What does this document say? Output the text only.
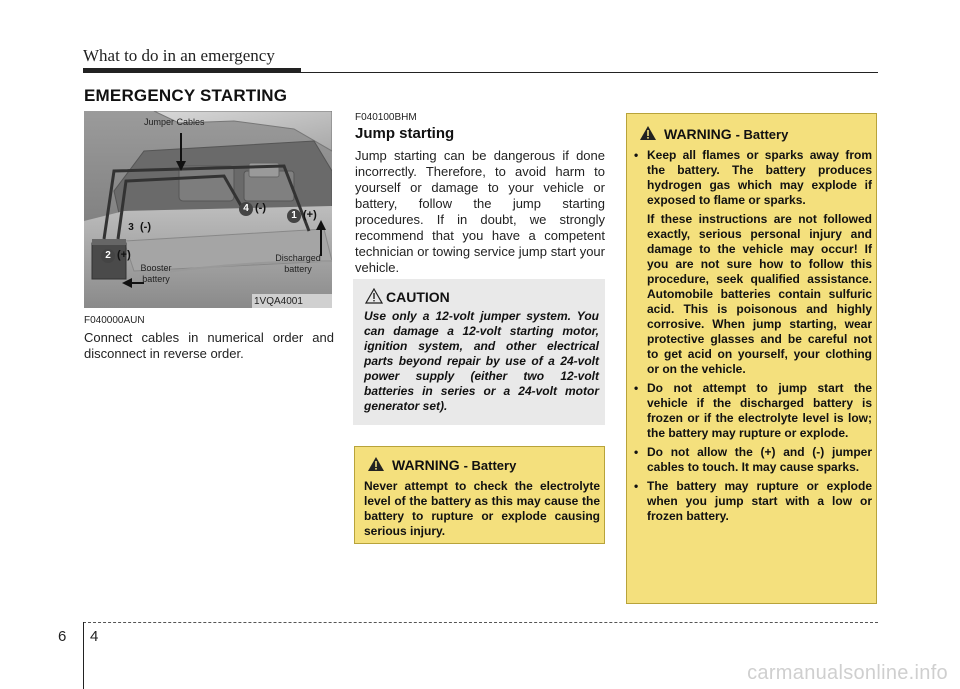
What to do in an emergency
EMERGENCY STARTING
Jumper Cables
Booster battery
Discharged battery
1VQA4001
1 (+)
2 (+)
3 (-)
4 (-)
F040000AUN
Connect cables in numerical order and disconnect in reverse order.
F040100BHM
Jump starting
Jump starting can be dangerous if done incorrectly. Therefore, to avoid harm to yourself or damage to your vehicle or battery, follow the jump starting procedures. If in doubt, we strongly recommend that you have a competent technician or towing service jump start your vehicle.
CAUTION
Use only a 12-volt jumper system. You can damage a 12-volt starting motor, ignition system, and other electrical parts beyond repair by use of a 24-volt power supply (either two 12-volt batteries in series or a 24-volt motor generator set).
WARNING - Battery
Never attempt to check the electrolyte level of the battery as this may cause the battery to rupture or explode causing serious injury.
WARNING - Battery
• Keep all flames or sparks away from the battery. The battery produces hydrogen gas which may explode if exposed to flame or sparks.

If these instructions are not followed exactly, serious personal injury and damage to the vehicle may occur! If you are not sure how to follow this procedure, seek qualified assistance. Automobile batteries contain sulfuric acid. This is poisonous and highly corrosive. When jump starting, wear protective glasses and be careful not to get acid on yourself, your clothing or on the vehicle.

• Do not attempt to jump start the vehicle if the discharged battery is frozen or if the electrolyte level is low; the battery may rupture or explode.

• Do not allow the (+) and (-) jumper cables to touch. It may cause sparks.

• The battery may rupture or explode when you jump start with a low or frozen battery.

6 4
carmanualsonline.info
